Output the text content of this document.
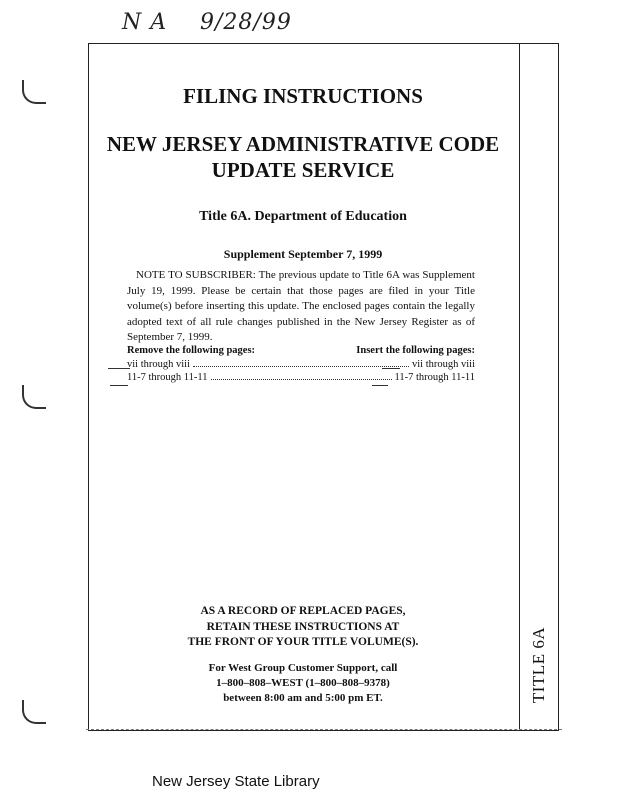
N A 9/28/99
TITLE 6A
FILING INSTRUCTIONS
NEW JERSEY ADMINISTRATIVE CODE
UPDATE SERVICE
Title 6A. Department of Education
Supplement September 7, 1999
NOTE TO SUBSCRIBER: The previous update to Title 6A was Supplement July 19, 1999. Please be certain that those pages are filed in your Title volume(s) before inserting this update. The enclosed pages contain the legally adopted text of all rule changes published in the New Jersey Register as of September 7, 1999.
Remove the following pages:	Insert the following pages:
vii through viii	vii through viii
11-7 through 11-11	11-7 through 11-11
AS A RECORD OF REPLACED PAGES,
RETAIN THESE INSTRUCTIONS AT
THE FRONT OF YOUR TITLE VOLUME(S).
For West Group Customer Support, call
1–800–808–WEST (1–800–808–9378)
between 8:00 am and 5:00 pm ET.
New Jersey State Library
